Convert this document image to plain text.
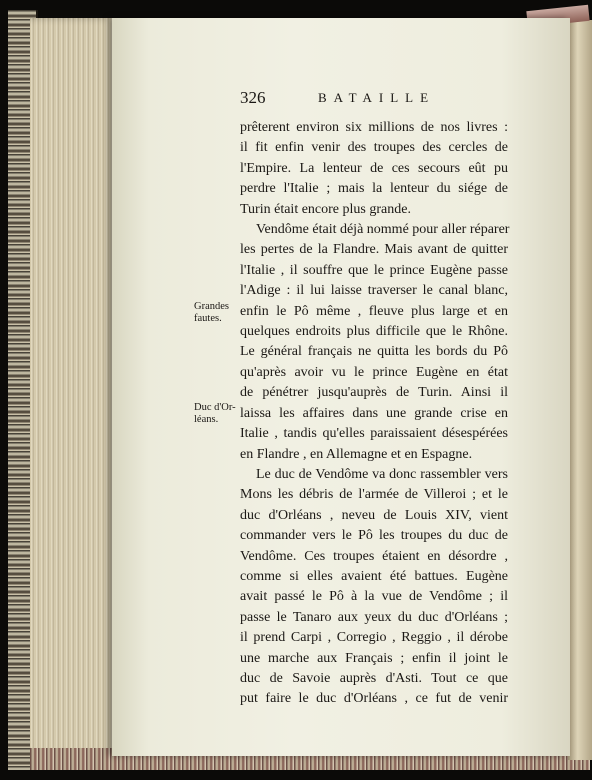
326	BATAILLE
Grandes
fautes.
Duc d'Or-
léans.
prêterent environ six millions de nos livres :
il fit enfin venir des troupes des cercles de
l'Empire. La lenteur de ces secours eût pu
perdre l'Italie ; mais la lenteur du siége de
Turin était encore plus grande.
Vendôme était déjà nommé pour aller réparer
les pertes de la Flandre. Mais avant de quitter
l'Italie , il souffre que le prince Eugène passe
l'Adige : il lui laisse traverser le canal blanc,
enfin le Pô même , fleuve plus large et en
quelques endroits plus difficile que le Rhône.
Le général français ne quitta les bords du Pô
qu'après avoir vu le prince Eugène en état
de pénétrer jusqu'auprès de Turin. Ainsi il
laissa les affaires dans une grande crise en
Italie , tandis qu'elles paraissaient désespérées
en Flandre , en Allemagne et en Espagne.
Le duc de Vendôme va donc rassembler vers
Mons les débris de l'armée de Villeroi ; et le
duc d'Orléans , neveu de Louis XIV, vient
commander vers le Pô les troupes du duc de
Vendôme. Ces troupes étaient en désordre ,
comme si elles avaient été battues. Eugène
avait passé le Pô à la vue de Vendôme ; il
passe le Tanaro aux yeux du duc d'Orléans ;
il prend Carpi , Corregio , Reggio , il dérobe
une marche aux Français ; enfin il joint le
duc de Savoie auprès d'Asti. Tout ce que
put faire le duc d'Orléans , ce fut de venir
